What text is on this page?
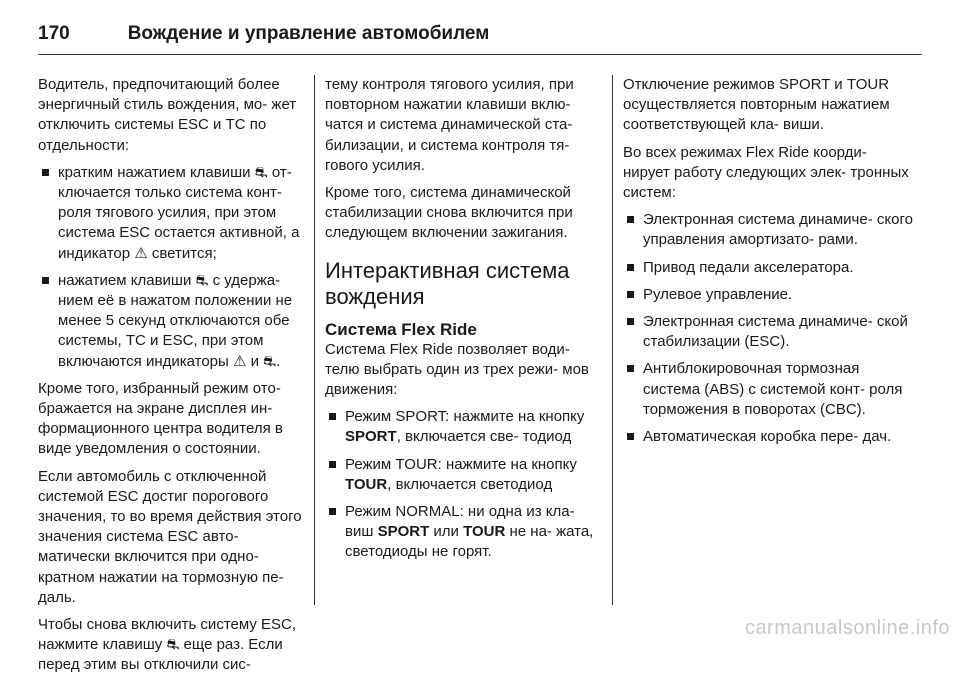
170	Вождение и управление автомобилем

Водитель, предпочитающий более энергичный стиль вождения, мо- жет отключить системы ESC и TC по отдельности:

кратким нажатием клавиши ⛐ от- ключается только система конт- роля тягового усилия, при этом система ESC остается активной, а индикатор ⚠ светится;
нажатием клавиши ⛐ с удержа- нием её в нажатом положении не менее 5 секунд отключаются обе системы, TC и ESC, при этом включаются индикаторы ⚠ и ⛐.

Кроме того, избранный режим ото- бражается на экране дисплея ин- формационного центра водителя в виде уведомления о состоянии.

Если автомобиль с отключенной системой ESC достиг порогового значения, то во время действия этого значения система ESC авто- матически включится при одно- кратном нажатии на тормозную пе- даль.

Чтобы снова включить систему ESC, нажмите клавишу ⛐ еще раз. Если перед этим вы отключили сис-

тему контроля тягового усилия, при повторном нажатии клавиши вклю- чатся и система динамической ста- билизации, и система контроля тя- гового усилия.

Кроме того, система динамической стабилизации снова включится при следующем включении зажигания.

Интерактивная система вождения
Система Flex Ride

Система Flex Ride позволяет води- телю выбрать один из трех режи- мов движения:

Режим SPORT: нажмите на кнопку SPORT, включается све- тодиод
Режим TOUR: нажмите на кнопку TOUR, включается светодиод
Режим NORMAL: ни одна из кла- виш SPORT или TOUR не на- жата, светодиоды не горят.

Отключение режимов SPORT и TOUR осуществляется повторным нажатием соответствующей кла- виши.

Во всех режимах Flex Ride коорди- нирует работу следующих элек- тронных систем:

Электронная система динамиче- ского управления амортизато- рами.
Привод педали акселератора.
Рулевое управление.
Электронная система динамиче- ской стабилизации (ESC).
Антиблокировочная тормозная система (ABS) с системой конт- роля торможения в поворотах (CBC).
Автоматическая коробка пере- дач.
carmanualsonline.info
